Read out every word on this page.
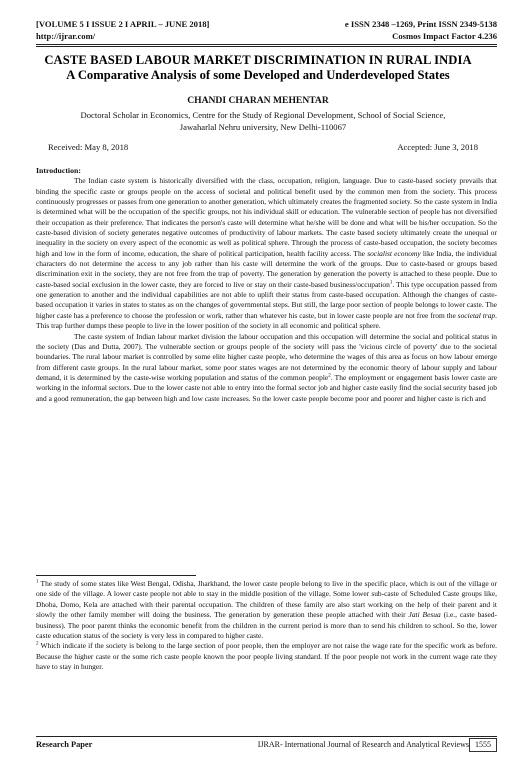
[VOLUME 5 I ISSUE 2 I APRIL – JUNE 2018]
http://ijrar.com/
e ISSN 2348 –1269, Print ISSN 2349-5138
Cosmos Impact Factor 4.236
CASTE BASED LABOUR MARKET DISCRIMINATION IN RURAL INDIA
A Comparative Analysis of some Developed and Underdeveloped States
CHANDI CHARAN MEHENTAR
Doctoral Scholar in Economics, Centre for the Study of Regional Development, School of Social Science,
Jawaharlal Nehru university, New Delhi-110067
Received: May 8, 2018	Accepted: June 3, 2018
Introduction:

The Indian caste system is historically diversified with the class, occupation, religion, language. Due to caste-based society prevails that binding the specific caste or groups people on the access of societal and political benefit used by the common men from the society. This process continuously progresses or passes from one generation to another generation, which ultimately creates the fragmented society. So the caste system in India is determined what will be the occupation of the specific groups, not his individual skill or education. The vulnerable section of people has not diversified their occupation as their preference. That indicates the person's caste will determine what he/she will be done and what will be his/her occupation. So the caste-based division of society generates negative outcomes of productivity of labour markets. The caste based society ultimately create the unequal or inequality in the society on every aspect of the economic as well as political sphere. Through the process of caste-based occupation, the society becomes high and low in the form of income, education, the share of political participation, health facility access. The socialist economy like India, the individual characters do not determine the access to any job rather than his caste will determine the work of the groups. Due to caste-based or groups based discrimination exit in the society, they are not free from the trap of poverty. The generation by generation the poverty is attached to these people. Due to caste-based social exclusion in the lower caste, they are forced to live or stay on their caste-based business/occupation$^1$. This type occupation passed from one generation to another and the individual capabilities are not able to uplift their status from caste-based occupation. Although the changes of caste-based occupation it varies in states to states as on the changes of governmental steps. But still, the large poor section of people belongs to lower caste. The higher caste has a preference to choose the profession or work, rather than whatever his caste, but in lower caste people are not free from the societal trap. This trap further dumps these people to live in the lower position of the society in all economic and political sphere.

The caste system of Indian labour market division the labour occupation and this occupation will determine the social and political status in the society (Das and Dutta, 2007). The vulnerable section or groups people of the society will pass the 'vicious circle of poverty' due to the societal boundaries. The rural labour market is controlled by some elite higher caste people, who determine the wages of this area as focus on how labour emerge from different caste groups. In the rural labour market, some poor states wages are not determined by the economic theory of labour supply and labour demand, it is determined by the caste-wise working population and status of the common people$^2$. The employment or engagement basis lower caste are working in the informal sectors. Due to the lower caste not able to entry into the formal sector job and higher caste easily find the social security based job and a good remuneration, the gap between high and low caste increases. So the lower caste people become poor and poorer and higher caste is rich and

$^1$ The study of some states like West Bengal, Odisha, Jharkhand, the lower caste people belong to live in the specific place, which is out of the village or one side of the village. A lower caste people not able to stay in the middle position of the village. Some lower sub-caste of Scheduled Caste groups like, Dhoba, Domo, Kela are attached with their parental occupation. The children of these family are also start working on the help of their parent and it slowly the other family member will doing the business. The generation by generation these people attached with their Jati Besua (i.e., caste based-business). The poor parent thinks the economic benefit from the children in the current period is more than to send his children to school. So the, lower caste education status of the society is very less in compared to higher caste.

$^2$ Which indicate if the society is belong to the large section of poor people, then the employer are not raise the wage rate for the specific work as before. Because the higher caste or the some rich caste people known the poor people living standard. If the poor people not work in the current wage rate they have to stay in hunger.

Research Paper	IJRAR- International Journal of Research and Analytical Reviews 1555
